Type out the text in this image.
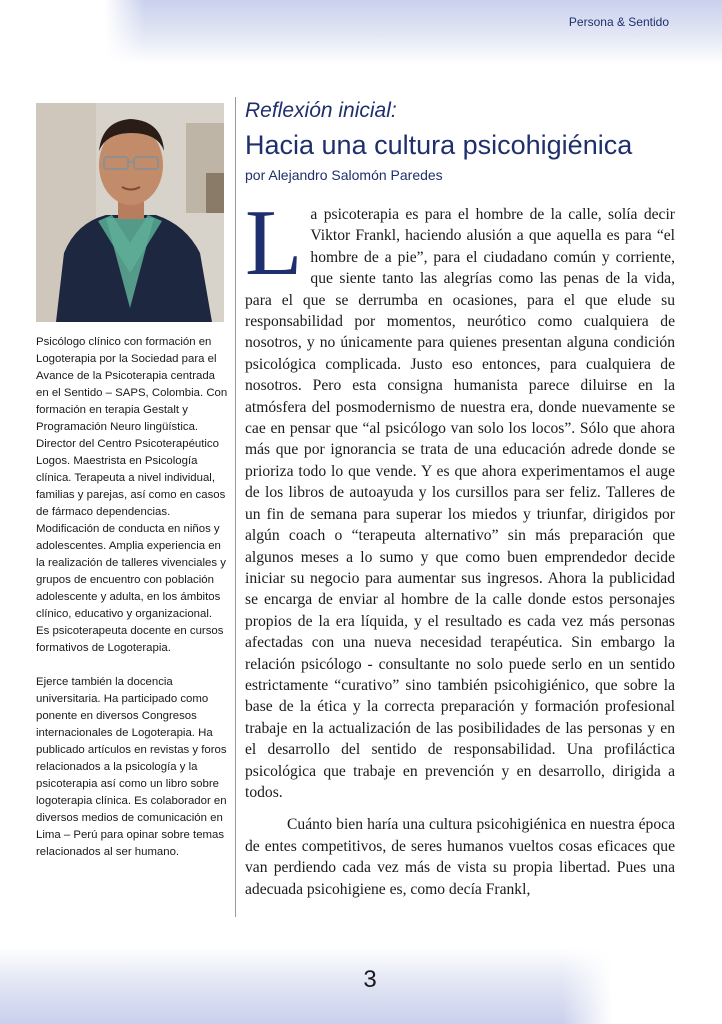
Persona & Sentido

Psicólogo clínico con formación en Logoterapia por la Sociedad para el Avance de la Psicoterapia centrada en el Sentido – SAPS, Colombia. Con formación en terapia Gestalt y Programación Neuro lingüística. Director del Centro Psicoterapéutico Logos. Maestrista en Psicología clínica. Terapeuta a nivel individual, familias y parejas, así como en casos de fármaco dependencias. Modificación de conducta en niños y adolescentes. Amplia experiencia en la realización de talleres vivenciales y grupos de encuentro con población adolescente y adulta, en los ámbitos clínico, educativo y organizacional. Es psicoterapeuta docente en cursos formativos de Logoterapia.

Ejerce también la docencia universitaria. Ha participado como ponente en diversos Congresos internacionales de Logoterapia. Ha publicado artículos en revistas y foros relacionados a la psicología y la psicoterapia así como un libro sobre logoterapia clínica. Es colaborador en diversos medios de comunicación en Lima – Perú para opinar sobre temas relacionados al ser humano.

Reflexión inicial:
Hacia una cultura psicohigiénica
por Alejandro Salomón Paredes

La psicoterapia es para el hombre de la calle, solía decir Viktor Frankl, haciendo alusión a que aquella es para “el hombre de a pie”, para el ciudadano común y corriente, que siente tanto las alegrías como las penas de la vida, para el que se derrumba en ocasiones, para el que elude su responsabilidad por momentos, neurótico como cualquiera de nosotros, y no únicamente para quienes presentan alguna condición psicológica complicada. Justo eso entonces, para cualquiera de nosotros. Pero esta consigna humanista parece diluirse en la atmósfera del posmodernismo de nuestra era, donde nuevamente se cae en pensar que “al psicólogo van solo los locos”. Sólo que ahora más que por ignorancia se trata de una educación adrede donde se prioriza todo lo que vende. Y es que ahora experimentamos el auge de los libros de autoayuda y los cursillos para ser feliz. Talleres de un fin de semana para superar los miedos y triunfar, dirigidos por algún coach o “terapeuta alternativo” sin más preparación que algunos meses a lo sumo y que como buen emprendedor decide iniciar su negocio para aumentar sus ingresos. Ahora la publicidad se encarga de enviar al hombre de la calle donde estos personajes propios de la era líquida, y el resultado es cada vez más personas afectadas con una nueva necesidad terapéutica. Sin embargo la relación psicólogo - consultante no solo puede serlo en un sentido estrictamente “curativo” sino también psicohigiénico, que sobre la base de la ética y la correcta preparación y formación profesional trabaje en la actualización de las posibilidades de las personas y en el desarrollo del sentido de responsabilidad. Una profiláctica psicológica que trabaje en prevención y en desarrollo, dirigida a todos.

Cuánto bien haría una cultura psicohigiénica en nuestra época de entes competitivos, de seres humanos vueltos cosas eficaces que van perdiendo cada vez más de vista su propia libertad. Pues una adecuada psicohigiene es, como decía Frankl,

3
